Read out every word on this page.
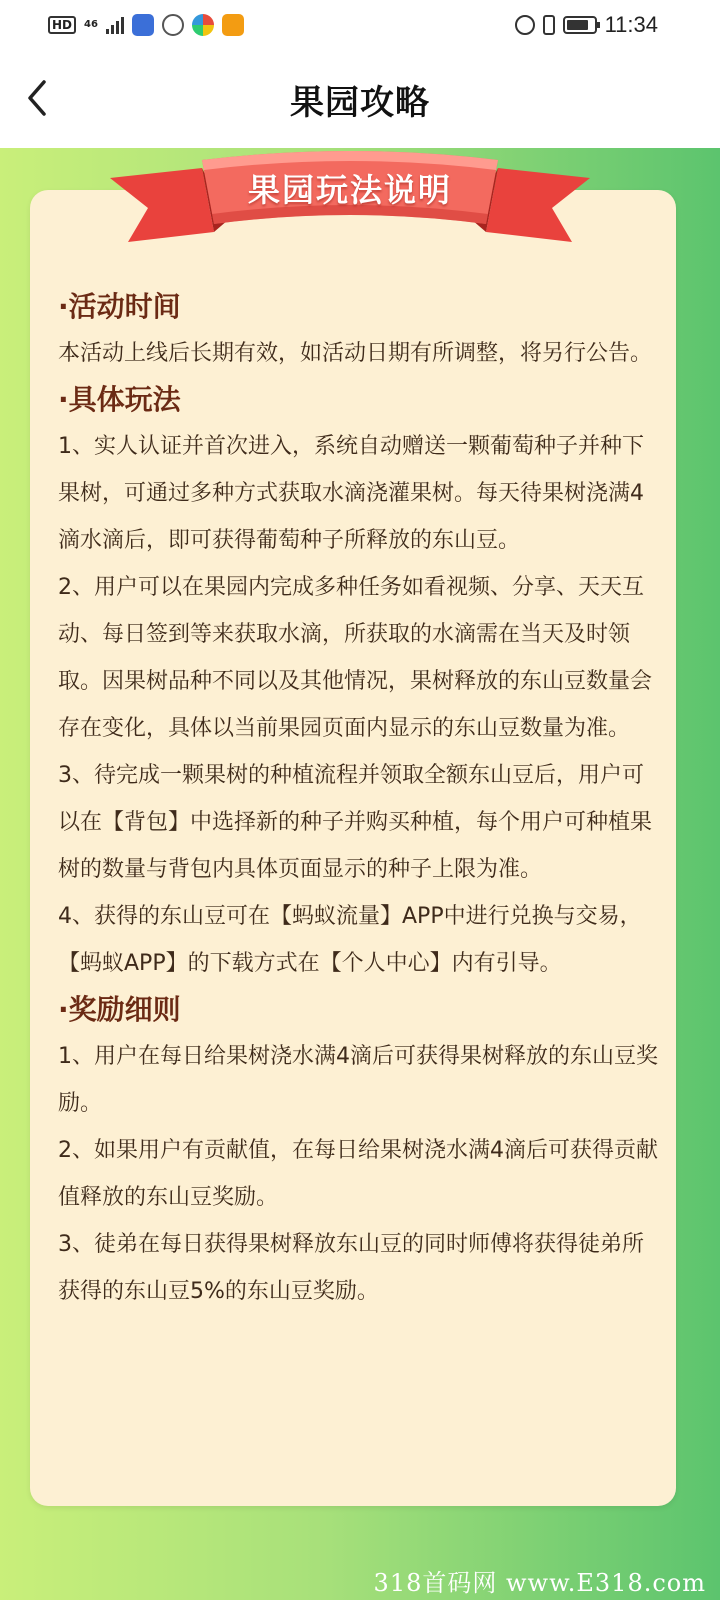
HD	46	11:34
果园攻略
果园玩法说明
·活动时间

本活动上线后长期有效，如活动日期有所调整，将另行公告。

·具体玩法

1、实人认证并首次进入，系统自动赠送一颗葡萄种子并种下果树，可通过多种方式获取水滴浇灌果树。每天待果树浇满4滴水滴后，即可获得葡萄种子所释放的东山豆。

2、用户可以在果园内完成多种任务如看视频、分享、天天互动、每日签到等来获取水滴，所获取的水滴需在当天及时领取。因果树品种不同以及其他情况，果树释放的东山豆数量会存在变化，具体以当前果园页面内显示的东山豆数量为准。

3、待完成一颗果树的种植流程并领取全额东山豆后，用户可以在【背包】中选择新的种子并购买种植，每个用户可种植果树的数量与背包内具体页面显示的种子上限为准。

4、获得的东山豆可在【蚂蚁流量】APP中进行兑换与交易，【蚂蚁APP】的下载方式在【个人中心】内有引导。

·奖励细则

1、用户在每日给果树浇水满4滴后可获得果树释放的东山豆奖励。

2、如果用户有贡献值，在每日给果树浇水满4滴后可获得贡献值释放的东山豆奖励。

3、徒弟在每日获得果树释放东山豆的同时师傅将获得徒弟所获得的东山豆5%的东山豆奖励。

318首码网 www.E318.com
